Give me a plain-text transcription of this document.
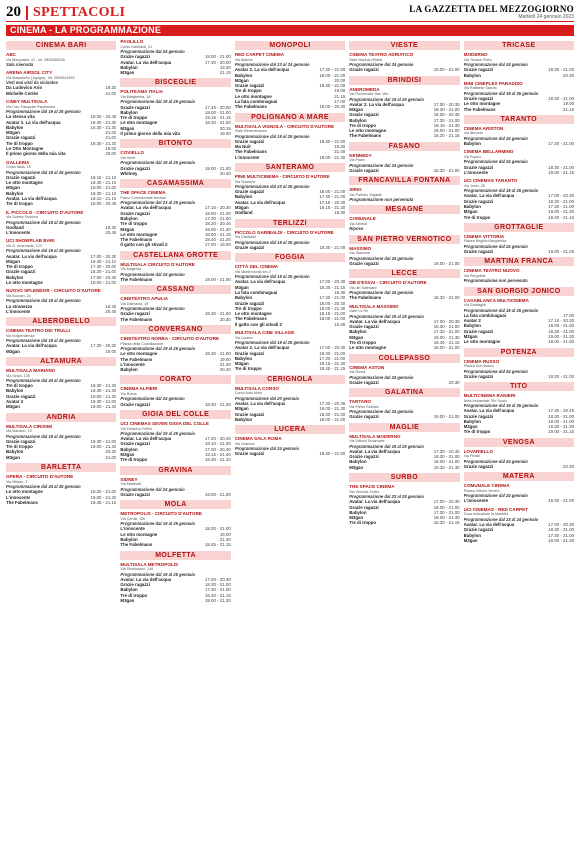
20 SPETTACOLI	LA GAZZETTA DEL MEZZOGIORNO
Martedì 24 gennaio 2023
CINEMA - LA PROGRAMMAZIONE
CINEMA BARI
ABC
Via Marguttari, 41 - tel. 0805648228
Sala riservata
ARENA AIRSOL CITY
Via Masaniello (Japigia) - tel. 0805511999
Visti mai visti da vicinatos
Da Ludovico Ario	19.30
Michelle Cortès	21.00
CINEY MULTISALA
Via Cav. Pasquale Papandrea
Programmazione dal 19 al 25 gennaio
La stessa vita	18.30 - 20.45
Avatar 2. La via dell'acqua	18.30 - 21.30
Babylon	18.30 - 21.30
M3gan	21.00
Grazie ragazzi	21.00
Tre di troppo	18.30 - 21.30
Le Otto Montagne	18.00
Il primo giorno della mia vita	20.00
GALLERIA
Corso Italia, 15
Programmazione dal 19 al 25 gennaio
Grazie ragazzi	18.15 - 21.15
Le otto montagne	18.40 - 21.15
M3gan	19.00 - 21.00
Babylon	18.30 - 21.15
Avatar. La via dell'acqua	18.10 - 21.15
Tre di troppo	18.00 - 20.45
IL PICCOLO - CIRCUITO D'AUTORE
Via Sidney Sonnino
Programmazione dal 19 al 25 gennaio
Godland	18.30
L'innocente	20.45
UCI SHOWPLAB BARI
Via G. Amendola, 123
Programmazione dal 19 al 25 gennaio
Avatar. La via dell'acqua	17.00 - 20.30
M3gan	18.40 - 21.10
Tre di troppo	17.30 - 20.00
Grazie ragazzi	18.20 - 21.00
Babylon	17.00 - 20.40
Le otto montagne	18.00 - 21.00
NUOVO SPLENDOR - CIRCUITO D'AUTORE
Via Buccari, 24
Programmazione dal 19 al 25 gennaio
La stranezza	18.30
L'innocente	20.45
ALBEROBELLO
CINEMA TEATRO DEI TRULLI
Via Indipendenza
Programmazione dal 19 al 25 gennaio
Avatar. La via dell'acqua	17.30 - 20.30
M3gan	19.00
ALTAMURA
MULTISALA MARIANO
Via Selva, 135
Programmazione dal 24 al 25 gennaio
Tre di troppo	18.30 - 21.30
Babylon	18.30 - 21.30
Grazie ragazzi	19.00 - 21.30
Avatar 2	18.30 - 21.00
M3gan	19.00 - 21.30
ANDRIA
MULTISALA CIRISIMI
Via Mariano, 10
Programmazione dal 19 al 25 gennaio
Grazie ragazzi	18.30 - 21.00
Tre di troppo	19.00 - 21.30
Babylon	20.30
M3gan	21.00
BARLETTA
OPERA - CIRCUITO D'AUTORE
Via Milano, 2
Programmazione dal 24 al 25 gennaio
Le otto montagne	18.30 - 21.00
L'innocente	19.00 - 21.30
The Fabelmans	18.45 - 21.15
PAOLILLO
Corso Garibaldi, 21
Programmazione dal 24 gennaio
Grazie ragazzi	18.00 - 21.00
Avatar. La via dell'acqua	17.30 - 20.00
Babylon	19.30
M3gan	21.15
BISCEGLIE
POLITEAMA ITALIA
Via Margherita, 18
Programmazione dal 19 al 25 gennaio
Grazie ragazzi	17.45 - 20.00
Babylon	18.00 - 21.00
Tre di troppo	19.15 - 21.15
Le otto montagne	18.30 - 21.00
M3gan	20.15
Il primo giorno della mia vita	19.00
BITONTO
COVIELLO
Via Verdi
Programmazione dal 19 al 25 gennaio
Grazie ragazzi	19.00 - 21.00
Whitney	20.30
CASAMASSIMA
THE SPACE CINEMA
Parco Commerciale Auchan
Programmazione dal 23 al 25 gennaio
Avatar. La via dell'acqua	17.15 - 20.30
Grazie ragazzi	18.00 - 21.00
Babylon	17.30 - 21.00
Tre di troppo	18.20 - 20.45
M3gan	19.00 - 21.30
Le otto montagne	18.00 - 21.15
The Fabelmans	18.40 - 21.20
Il gatto con gli stivali 2	17.00 - 19.00
CASTELLANA GROTTE
MULTISALA CIRCUITO D'AUTORE
Via Magenta
Programmazione dal 24 gennaio
The Fabelmans	19.00 - 21.00
CASSANO
CINETEATRO APULIA
Via Dalmazia, 10
Programmazione dal 24 gennaio
Grazie ragazzi	18.30 - 21.00
The Fabelmans	20.30
CONVERSANO
CINETEATRO NORBA - CIRCUITO D'AUTORE
Piazza della Conciliazione
Programmazione dal 19 al 25 gennaio
Le otto montagne	18.30 - 21.00
The Fabelmans	19.00
L'innocente	21.30
Babylon	20.40
CORATO
CINEMA ALFIERI
Via Roma
Programmazione dal 24 gennaio
Grazie ragazzi	18.30 - 21.00
GIOIA DEL COLLE
UCI CINEMAS SEVEN GIOIA DEL COLLE
Via Federico Fellini
Programmazione dal 19 al 25 gennaio
Avatar. La via dell'acqua	17.20 - 20.45
Grazie ragazzi	18.10 - 21.00
Babylon	17.00 - 20.30
M3gan	19.15 - 21.40
Tre di troppo	18.30 - 21.10
GRAVINA
SIDNEY
Via Matteotti
Programmazione dal 24 gennaio
Grazie ragazzi	19.00 - 21.00
MOLA
METROPOLIS - CIRCUITO D'AUTORE
Via Cerulli, 150
Programmazione dal 19 al 25 gennaio
L'innocente	18.30 - 21.00
Le otto montagne	19.00
Babylon	21.30
The Fabelmans	18.45 - 21.15
MOLFETTA
MULTISALA METROPOLIS
Via Giovinazzo, 148
Programmazione dal 19 al 25 gennaio
Avatar. La via dell'acqua	17.00 - 20.30
Grazie ragazzi	18.30 - 21.00
Babylon	17.30 - 21.00
Tre di troppo	18.40 - 21.15
M3gan	19.00 - 21.30
MONOPOLI
RED CARPET CINEMA
Via Baione
Programmazione dal 23 al 24 gennaio
Avatar 2. La via dell'acqua	17.30 - 21.00
Babylon	18.00 - 21.00
M3gan	20.00
Grazie ragazzi	18.30 - 21.00
Tre di troppo	19.00
Le otto montagne	21.15
La fata combinaguai	17.00
The Fabelmans	18.00 - 20.30
POLIGNANO A MARE
MULTISALA VIGNOLA - CIRCUITO D'AUTORE
Viale Rimembranze
Programmazione dal 19 al 25 gennaio
Grazie ragazzi	18.30 - 21.00
Ma Nuit	18.30
The Fabelmans	21.00
L'innocente	19.00 - 21.30
SANTERAMO
PINE MULTICINEMA - CIRCUITO D'AUTORE
Via Stazione
Programmazione dal 23 al 25 gennaio
Grazie ragazzi	18.00 - 21.00
Babylon	17.30 - 21.00
Avatar. La via dell'acqua	17.15 - 20.30
M3gan	19.15 - 21.30
Godland	18.30
TERLIZZI
PICCOLO GARIBALDI - CIRCUITO D'AUTORE
Via Garibaldi
Programmazione dal 19 al 25 gennaio
Grazie ragazzi	18.30 - 21.00
FOGGIA
CITTÀ DEL CINEMA
Via Manfredonia km 2
Programmazione dal 19 al 25 gennaio
Avatar. La via dell'acqua	17.00 - 20.30
M3gan	18.30 - 21.15
La fata combinaguai	16.30
Babylon	17.30 - 21.00
Grazie ragazzi	18.00 - 20.40
Tre di troppo	19.00 - 21.30
Le otto montagne	18.15 - 21.00
The Fabelmans	18.00 - 21.00
Il gatto con gli stivali 2	16.45
MULTISALA CINE VILLAGE
Via Lucera
Programmazione dal 19 al 25 gennaio
Avatar 2. La via dell'acqua	17.00 - 20.30
Grazie ragazzi	18.30 - 21.00
Babylon	17.30 - 21.00
M3gan	19.15 - 21.30
Tre di troppo	18.45 - 21.15
CERIGNOLA
MULTISALA CORSO
Corso Aldo Moro
Programmazione dal 20 gennaio
Avatar. La via dell'acqua	17.30 - 20.45
M3gan	19.00 - 21.30
Grazie ragazzi	18.30 - 21.00
Babylon	18.00 - 21.00
LUCERA
CINEMA SALA ROMA
Via Gramsci
Programmazione dal 24 gennaio
Grazie ragazzi	18.30 - 21.00
VIESTE
CINEMA TEATRO ADRIATICO
Viale Marinai d'Italia
Programmazione dal 24 gennaio
Grazie ragazzi	19.00 - 21.00
BRINDISI
ANDROMEDA
Via Provinciale San Vito
Programmazione dal 19 al 25 gennaio
Avatar 2. La via dell'acqua	17.00 - 20.30
M3gan	18.30 - 21.00
Grazie ragazzi	18.00 - 20.45
Babylon	17.30 - 21.00
Tre di troppo	19.15 - 21.30
Le otto montagne	18.00 - 21.00
The Fabelmans	18.20 - 21.15
FASANO
KENNEDY
Via Piave
Programmazione dal 24 gennaio
Grazie ragazzi	18.30 - 21.00
FRANCAVILLA FONTANA
SIRIO
Via Palmiro Togliatti
Programmazione non pervenuta
MESAGNE
COMUNALE
Via Albricci
Riposo
SAN PIETRO VERNOTICO
MASSIMO
Via Stazione
Programmazione dal 24 gennaio
Grazie ragazzi	19.00 - 21.00
LECCE
DB D'ESSAI - CIRCUITO D'AUTORE
Via dei Salesiani
Programmazione dal 24 gennaio
The Fabelmans	18.30 - 21.00
MULTISALA MASSIMO
Viale Lo Re
Programmazione dal 19 al 25 gennaio
Avatar. La via dell'acqua	17.00 - 20.30
Grazie ragazzi	18.30 - 21.00
Babylon	17.30 - 21.00
M3gan	19.00 - 21.30
Tre di troppo	18.45 - 21.15
Le otto montagne	18.00 - 21.00
COLLEPASSO
CINEMA ASTON
Via Roma
Programmazione dal 24 gennaio
Grazie ragazzi	20.30
GALATINA
TARTARO
Via Pietro Siciliani
Programmazione dal 24 gennaio
Grazie ragazzi	19.00 - 21.00
MAGLIE
MULTISALA MODERNO
Via Vittorio Emanuele
Programmazione dal 19 al 25 gennaio
Avatar. La via dell'acqua	17.30 - 20.45
Grazie ragazzi	18.30 - 21.00
Babylon	18.00 - 21.00
M3gan	19.30 - 21.30
SURBO
THE SPACE CINEMA
Via Vecchia Surbo
Programmazione dal 23 al 25 gennaio
Avatar. La via dell'acqua	17.00 - 20.30
Grazie ragazzi	18.00 - 21.00
Babylon	17.30 - 21.00
M3gan	19.00 - 21.30
Tre di troppo	18.30 - 21.15
TRICASE
MODERNO
Via Tricase Porto
Programmazione dal 24 gennaio
Grazie ragazzi	18.30 - 21.00
Babylon	20.30
MINI CINEPLEX PARADISO
Via Raffaello Sanzio
Programmazione dal 19 al 25 gennaio
Grazie ragazzi	18.30 - 21.00
Le otto montagne	19.00
The Fabelmans	21.15
TARANTO
CINEMA ARISTON
Via Abruzzo
Programmazione dal 24 gennaio
Babylon	17.30 - 21.00
CINEMA BELLARMINO
Via Pupino
Programmazione dal 24 gennaio
Grazie ragazzi	18.30 - 21.00
L'innocente	19.00 - 21.15
UCI CINEMAS TARANTO
Via Jonio, 28
Programmazione dal 19 al 25 gennaio
Avatar. La via dell'acqua	17.00 - 20.30
Grazie ragazzi	18.20 - 21.00
Babylon	17.30 - 21.00
M3gan	19.00 - 21.30
Tre di troppo	18.40 - 21.10
GROTTAGLIE
CINEMA VITTORIA
Piazza Regina Margherita
Programmazione dal 24 gennaio
Grazie ragazzi	19.00 - 21.00
MARTINA FRANCA
CINEMA TEATRO NUOVO
Via Pergolesi
Programmazione non pervenuta
SAN GIORGIO JONICO
CASABLANCA MULTICINEMA
Via Grottaglie
Programmazione dal 19 al 25 gennaio
La fata combinaguai	17.00
Avatar 2	17.15 - 20.30
Babylon	18.00 - 21.00
Grazie ragazzi	18.30 - 21.00
M3gan	19.00 - 21.30
Le otto montagne	18.00 - 21.00
POTENZA
CINEMA RUSSO
Piazza Don Bosco
Programmazione dal 24 gennaio
Grazie ragazzi	18.30 - 21.00
TITO
MULTICINEMA RANIERI
Area Industriale Tito Scalo
Programmazione dal 19 al 25 gennaio
Avatar. La via dell'acqua	17.30 - 20.45
Grazie ragazzi	18.30 - 21.00
Babylon	18.00 - 21.00
M3gan	19.30 - 21.30
Tre di troppo	19.00 - 21.15
VENOSA
LOVARIELLO
Via Frusci
Programmazione dal 24 gennaio
Grazie ragazzi	20.30
MATERA
COMUNALE CINEMA
Piazza Vittorio Veneto
Programmazione dal 24 gennaio
L'innocente	18.30 - 21.00
UCI CINEMAS - RED CARPET
Zona Industriale la Martella
Programmazione dal 23 al 24 gennaio
Avatar. La via dell'acqua	17.00 - 20.30
Grazie ragazzi	18.30 - 21.00
Babylon	17.30 - 21.00
M3gan	19.00 - 21.30
